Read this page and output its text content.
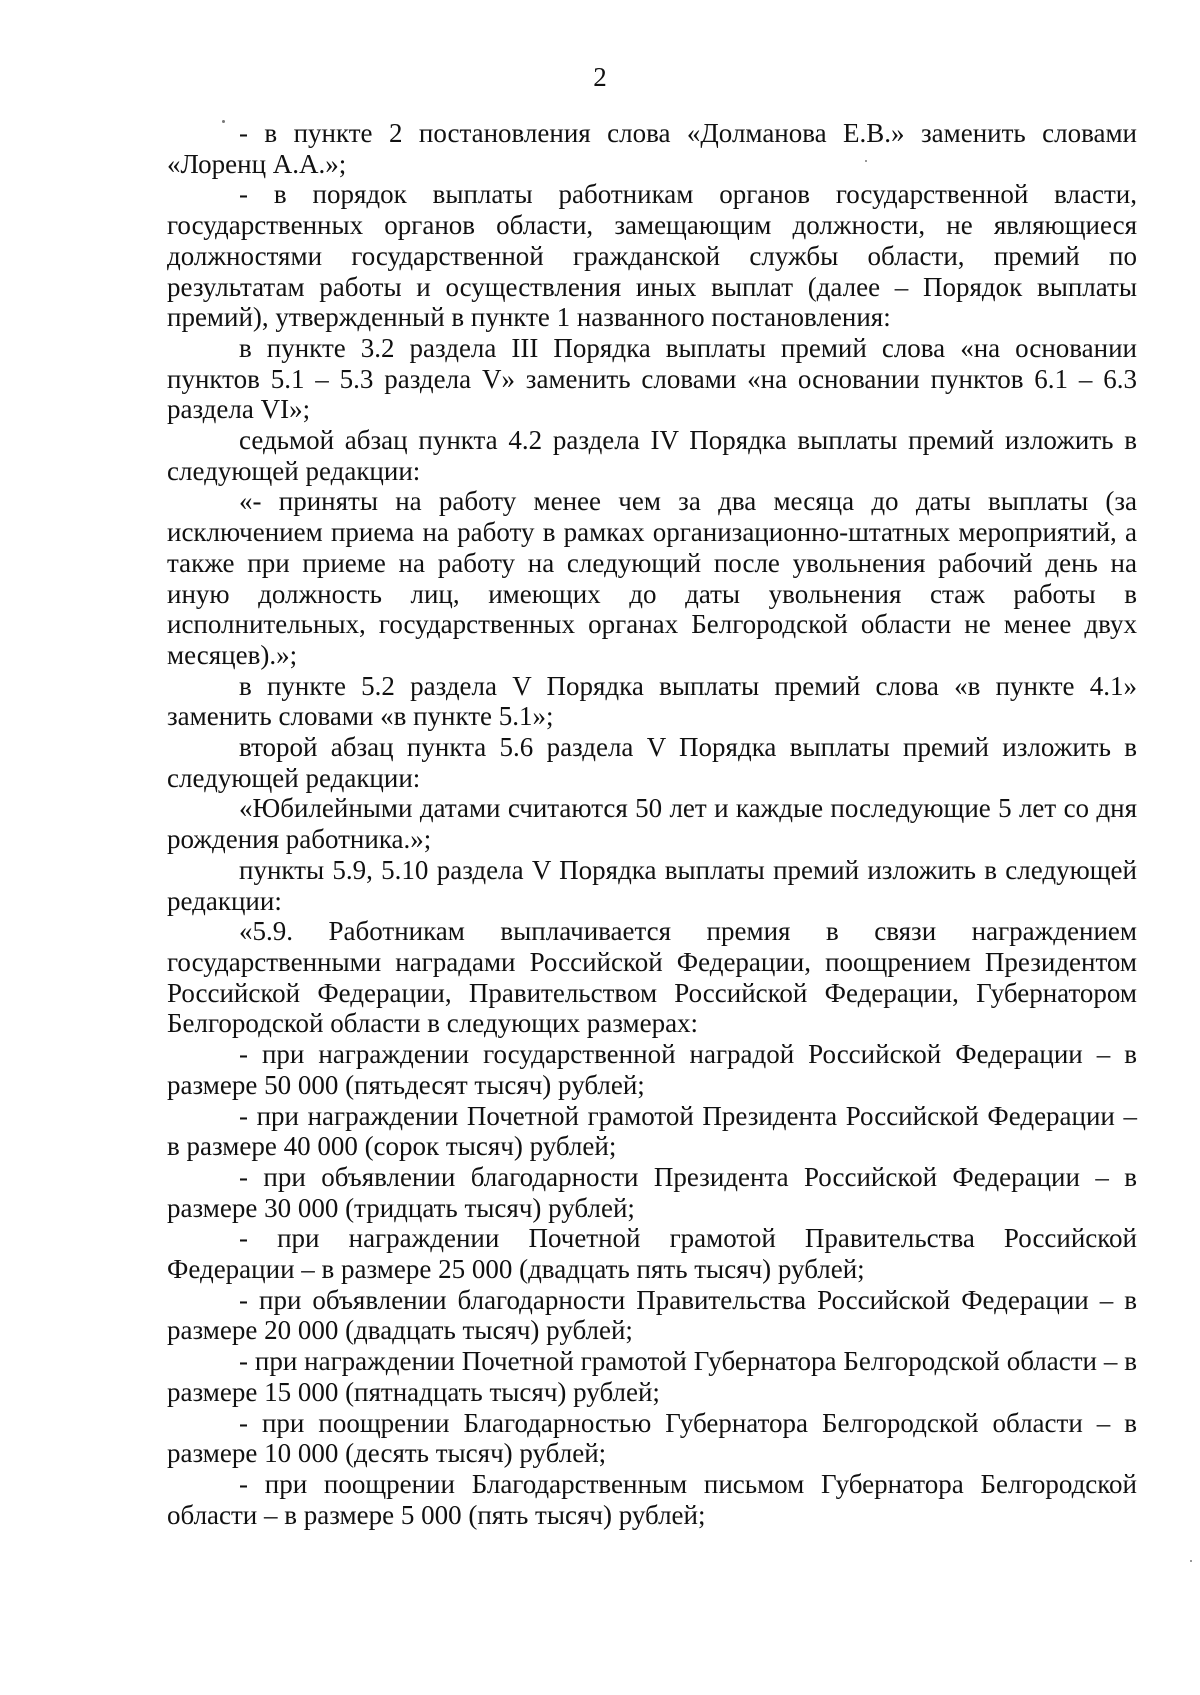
2

- в пункте 2 постановления слова «Долманова Е.В.» заменить словами «Лоренц А.А.»;

- в порядок выплаты работникам органов государственной власти, государственных органов области, замещающим должности, не являющиеся должностями государственной гражданской службы области, премий по результатам работы и осуществления иных выплат (далее – Порядок выплаты премий), утвержденный в пункте 1 названного постановления:

в пункте 3.2 раздела III Порядка выплаты премий слова «на основании пунктов 5.1 – 5.3 раздела V» заменить словами «на основании пунктов 6.1 – 6.3 раздела VI»;

седьмой абзац пункта 4.2 раздела IV Порядка выплаты премий изложить в следующей редакции:

«- приняты на работу менее чем за два месяца до даты выплаты (за исключением приема на работу в рамках организационно-штатных мероприятий, а также при приеме на работу на следующий после увольнения рабочий день на иную должность лиц, имеющих до даты увольнения стаж работы в исполнительных, государственных органах Белгородской области не менее двух месяцев).»;

в пункте 5.2 раздела V Порядка выплаты премий слова «в пункте 4.1» заменить словами «в пункте 5.1»;

второй абзац пункта 5.6 раздела V Порядка выплаты премий изложить в следующей редакции:

«Юбилейными датами считаются 50 лет и каждые последующие 5 лет со дня рождения работника.»;

пункты 5.9, 5.10 раздела V Порядка выплаты премий изложить в следующей редакции:

«5.9. Работникам выплачивается премия в связи награждением государственными наградами Российской Федерации, поощрением Президентом Российской Федерации, Правительством Российской Федерации, Губернатором Белгородской области в следующих размерах:

- при награждении государственной наградой Российской Федерации – в размере 50 000 (пятьдесят тысяч) рублей;

- при награждении Почетной грамотой Президента Российской Федерации – в размере 40 000 (сорок тысяч) рублей;

- при объявлении благодарности Президента Российской Федерации – в размере 30 000 (тридцать тысяч) рублей;

- при награждении Почетной грамотой Правительства Российской Федерации – в размере 25 000 (двадцать пять тысяч) рублей;

- при объявлении благодарности Правительства Российской Федерации – в размере 20 000 (двадцать тысяч) рублей;

- при награждении Почетной грамотой Губернатора Белгородской области – в размере 15 000 (пятнадцать тысяч) рублей;

- при поощрении Благодарностью Губернатора Белгородской области – в размере 10 000 (десять тысяч) рублей;

- при поощрении Благодарственным письмом Губернатора Белгородской области – в размере 5 000 (пять тысяч) рублей;
